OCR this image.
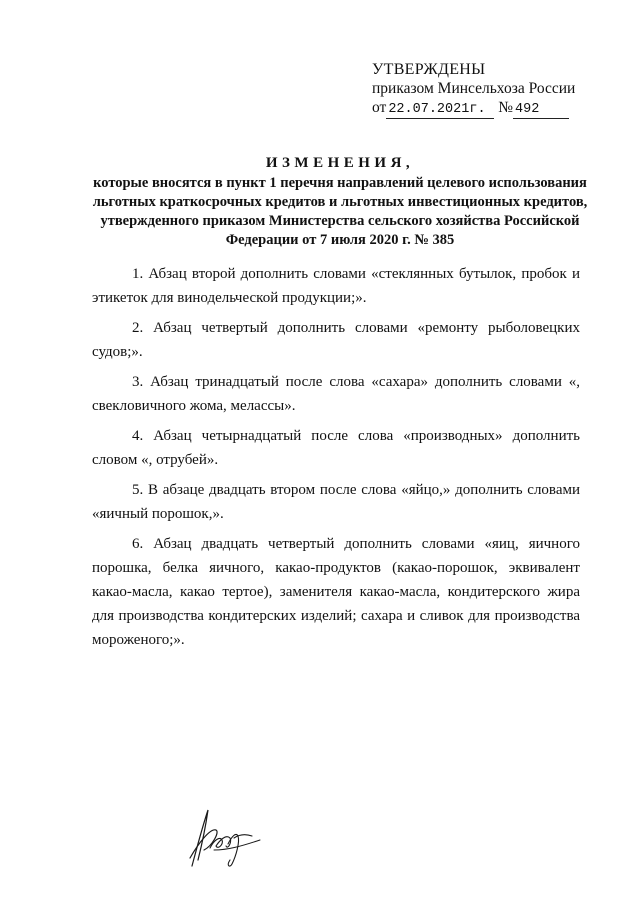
УТВЕРЖДЕНЫ
приказом Минсельхоза России
от 22.07.2021г. № 492
ИЗМЕНЕНИЯ,
которые вносятся в пункт 1 перечня направлений целевого использования льготных краткосрочных кредитов и льготных инвестиционных кредитов, утвержденного приказом Министерства сельского хозяйства Российской Федерации от 7 июля 2020 г. № 385

1. Абзац второй дополнить словами «стеклянных бутылок, пробок и этикеток для винодельческой продукции;».

2. Абзац четвертый дополнить словами «ремонту рыболовецких судов;».

3. Абзац тринадцатый после слова «сахара» дополнить словами «, свекловичного жома, мелассы».

4. Абзац четырнадцатый после слова «производных» дополнить словом «, отрубей».

5. В абзаце двадцать втором после слова «яйцо,» дополнить словами «яичный порошок,».

6. Абзац двадцать четвертый дополнить словами «яиц, яичного порошка, белка яичного, какао-продуктов (какао-порошок, эквивалент какао-масла, какао тертое), заменителя какао-масла, кондитерского жира для производства кондитерских изделий; сахара и сливок для производства мороженого;».
